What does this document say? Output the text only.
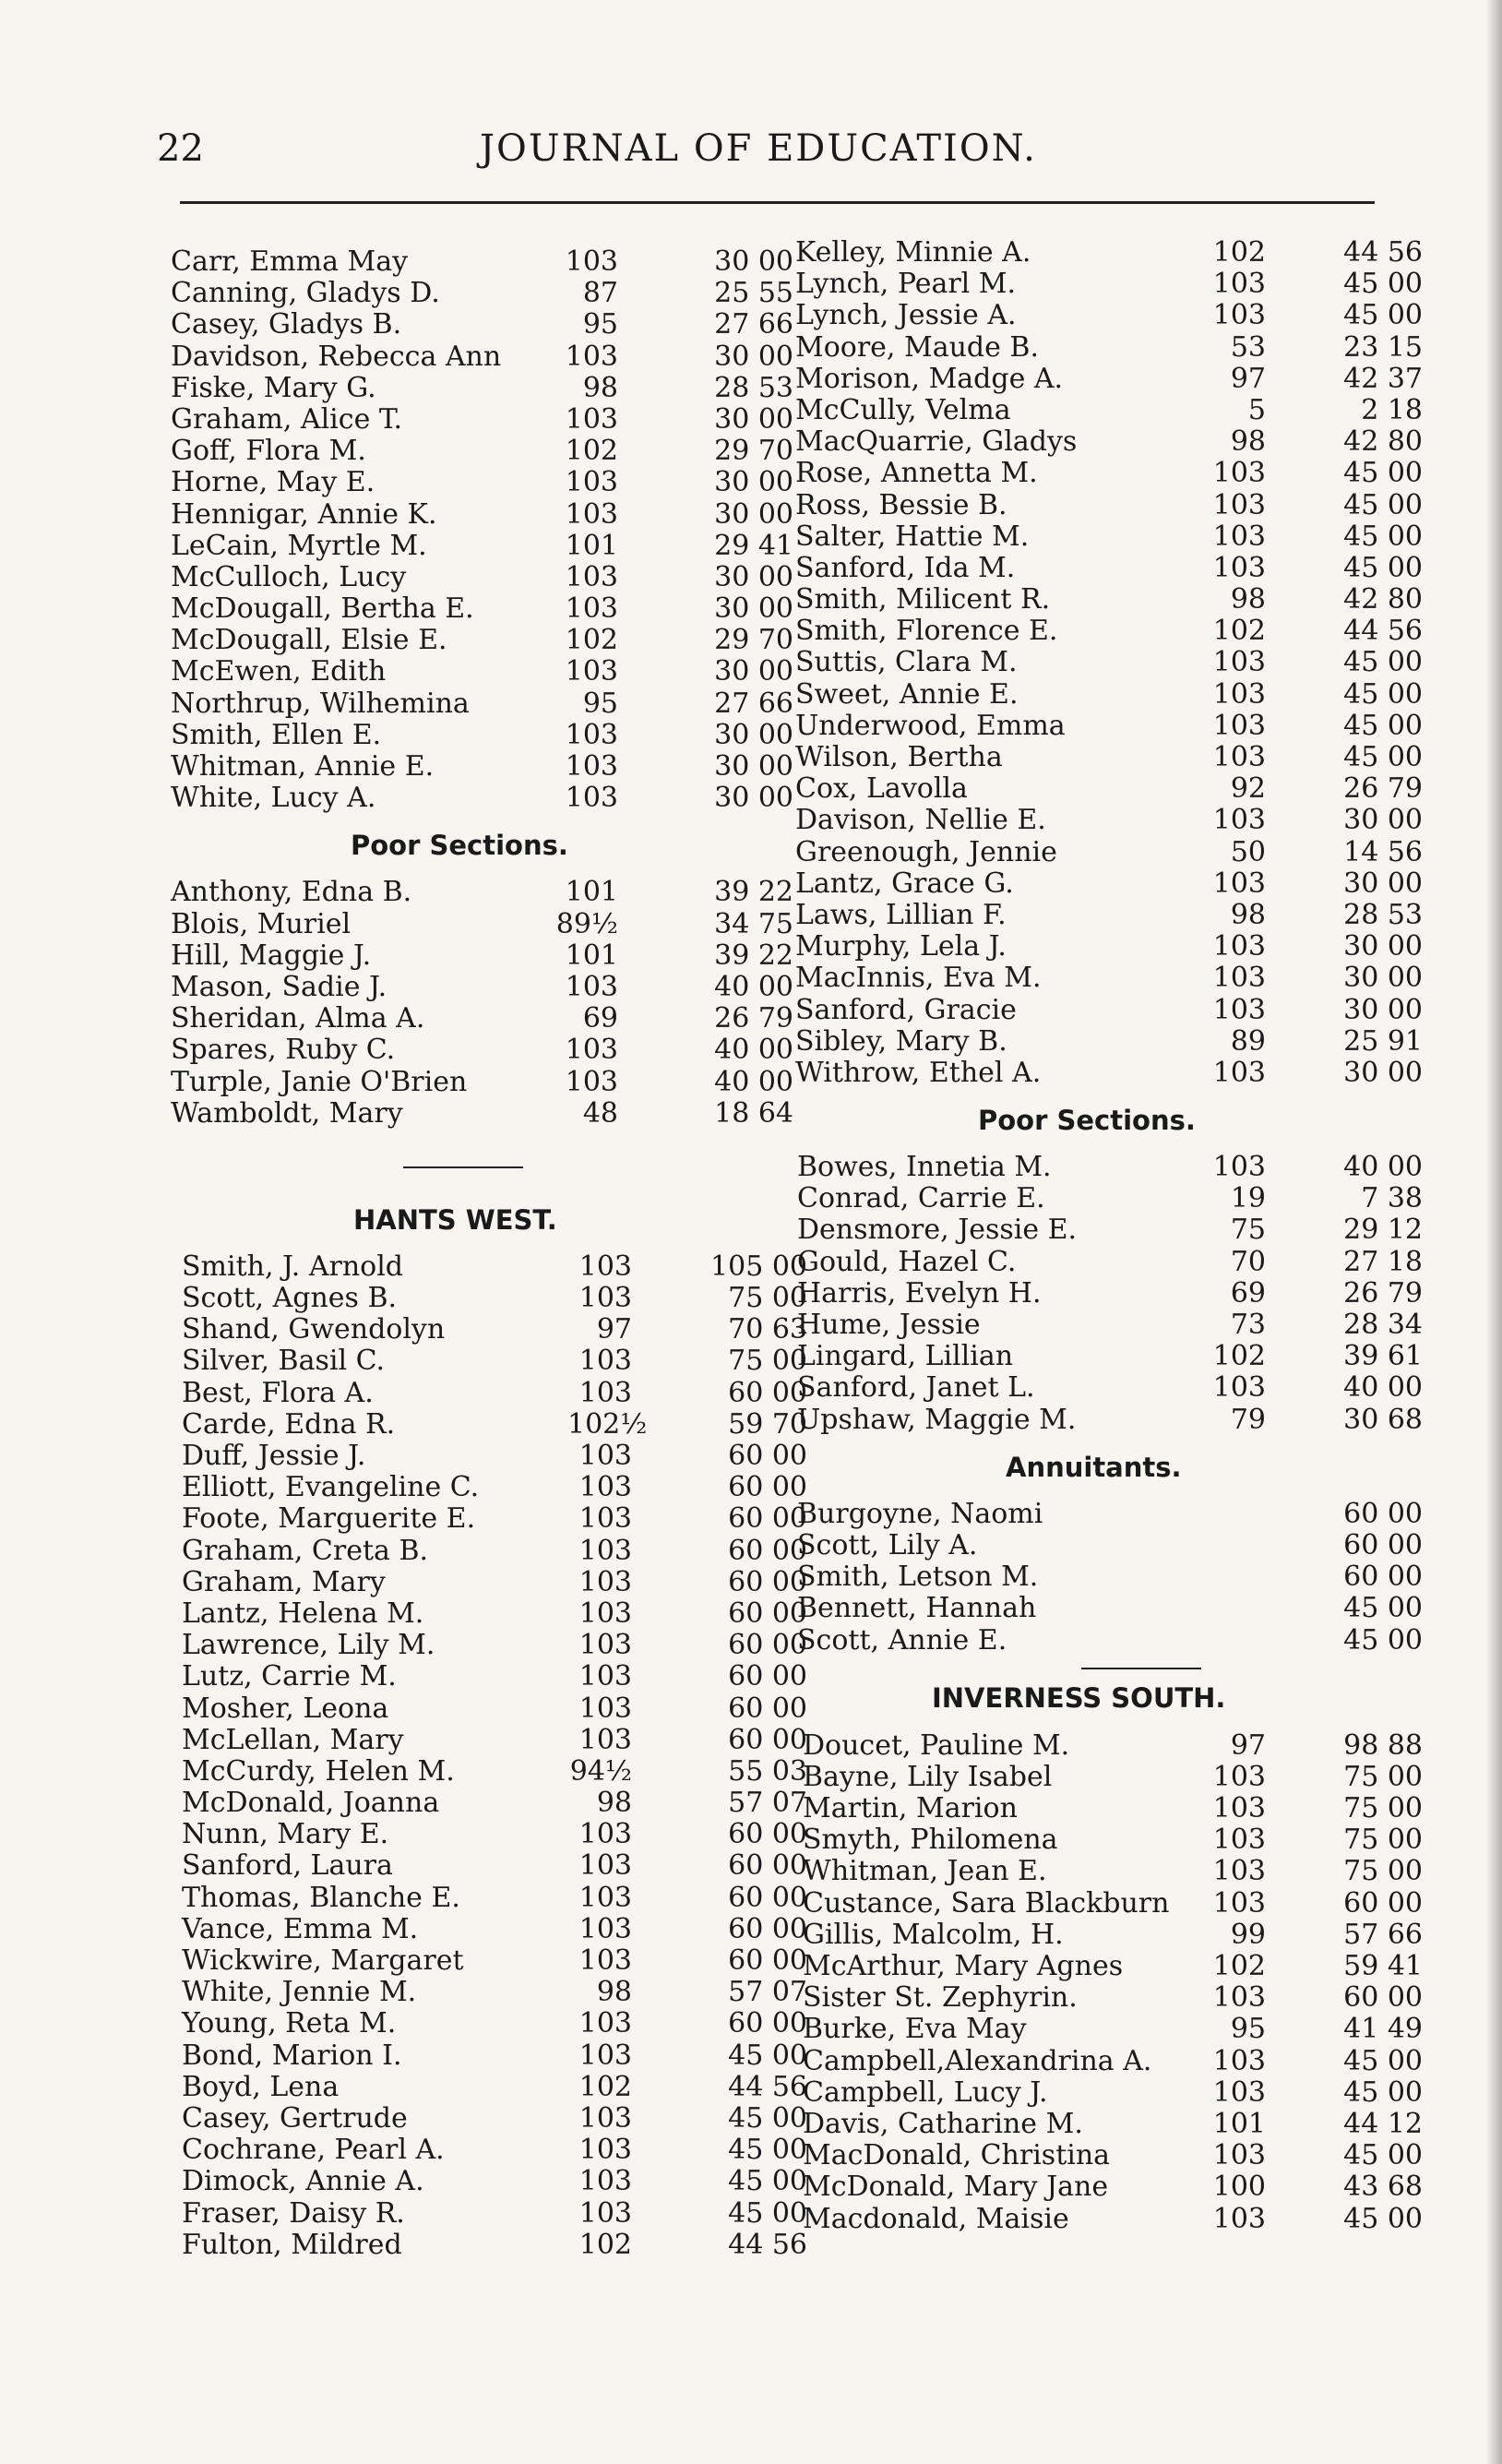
22	JOURNAL OF EDUCATION.
Carr, Emma May	103	30 00
Canning, Gladys D.	87	25 55
Casey, Gladys B.	95	27 66
Davidson, Rebecca Ann	103	30 00
Fiske, Mary G.	98	28 53
Graham, Alice T.	103	30 00
Goff, Flora M.	102	29 70
Horne, May E.	103	30 00
Hennigar, Annie K.	103	30 00
LeCain, Myrtle M.	101	29 41
McCulloch, Lucy	103	30 00
McDougall, Bertha E.	103	30 00
McDougall, Elsie E.	102	29 70
McEwen, Edith	103	30 00
Northrup, Wilhemina	95	27 66
Smith, Ellen E.	103	30 00
Whitman, Annie E.	103	30 00
White, Lucy A.	103	30 00
Poor Sections.
Anthony, Edna B.	101	39 22
Blois, Muriel	89½	34 75
Hill, Maggie J.	101	39 22
Mason, Sadie J.	103	40 00
Sheridan, Alma A.	69	26 79
Spares, Ruby C.	103	40 00
Turple, Janie O'Brien	103	40 00
Wamboldt, Mary	48	18 64
HANTS WEST.
Smith, J. Arnold	103	105 00
Scott, Agnes B.	103	75 00
Shand, Gwendolyn	97	70 63
Silver, Basil C.	103	75 00
Best, Flora A.	103	60 00
Carde, Edna R.	102½	59 70
Duff, Jessie J.	103	60 00
Elliott, Evangeline C.	103	60 00
Foote, Marguerite E.	103	60 00
Graham, Creta B.	103	60 00
Graham, Mary	103	60 00
Lantz, Helena M.	103	60 00
Lawrence, Lily M.	103	60 00
Lutz, Carrie M.	103	60 00
Mosher, Leona	103	60 00
McLellan, Mary	103	60 00
McCurdy, Helen M.	94½	55 03
McDonald, Joanna	98	57 07
Nunn, Mary E.	103	60 00
Sanford, Laura	103	60 00
Thomas, Blanche E.	103	60 00
Vance, Emma M.	103	60 00
Wickwire, Margaret	103	60 00
White, Jennie M.	98	57 07
Young, Reta M.	103	60 00
Bond, Marion I.	103	45 00
Boyd, Lena	102	44 56
Casey, Gertrude	103	45 00
Cochrane, Pearl A.	103	45 00
Dimock, Annie A.	103	45 00
Fraser, Daisy R.	103	45 00
Fulton, Mildred	102	44 56
Kelley, Minnie A.	102	44 56
Lynch, Pearl M.	103	45 00
Lynch, Jessie A.	103	45 00
Moore, Maude B.	53	23 15
Morison, Madge A.	97	42 37
McCully, Velma	5	2 18
MacQuarrie, Gladys	98	42 80
Rose, Annetta M.	103	45 00
Ross, Bessie B.	103	45 00
Salter, Hattie M.	103	45 00
Sanford, Ida M.	103	45 00
Smith, Milicent R.	98	42 80
Smith, Florence E.	102	44 56
Suttis, Clara M.	103	45 00
Sweet, Annie E.	103	45 00
Underwood, Emma	103	45 00
Wilson, Bertha	103	45 00
Cox, Lavolla	92	26 79
Davison, Nellie E.	103	30 00
Greenough, Jennie	50	14 56
Lantz, Grace G.	103	30 00
Laws, Lillian F.	98	28 53
Murphy, Lela J.	103	30 00
MacInnis, Eva M.	103	30 00
Sanford, Gracie	103	30 00
Sibley, Mary B.	89	25 91
Withrow, Ethel A.	103	30 00
Poor Sections.
Bowes, Innetia M.	103	40 00
Conrad, Carrie E.	19	7 38
Densmore, Jessie E.	75	29 12
Gould, Hazel C.	70	27 18
Harris, Evelyn H.	69	26 79
Hume, Jessie	73	28 34
Lingard, Lillian	102	39 61
Sanford, Janet L.	103	40 00
Upshaw, Maggie M.	79	30 68
Annuitants.
Burgoyne, Naomi	60 00
Scott, Lily A.	60 00
Smith, Letson M.	60 00
Bennett, Hannah	45 00
Scott, Annie E.	45 00
INVERNESS SOUTH.
Doucet, Pauline M.	97	98 88
Bayne, Lily Isabel	103	75 00
Martin, Marion	103	75 00
Smyth, Philomena	103	75 00
Whitman, Jean E.	103	75 00
Custance, Sara Blackburn	103	60 00
Gillis, Malcolm, H.	99	57 66
McArthur, Mary Agnes	102	59 41
Sister St. Zephyrin.	103	60 00
Burke, Eva May	95	41 49
Campbell,Alexandrina A.	103	45 00
Campbell, Lucy J.	103	45 00
Davis, Catharine M.	101	44 12
MacDonald, Christina	103	45 00
McDonald, Mary Jane	100	43 68
Macdonald, Maisie	103	45 00
